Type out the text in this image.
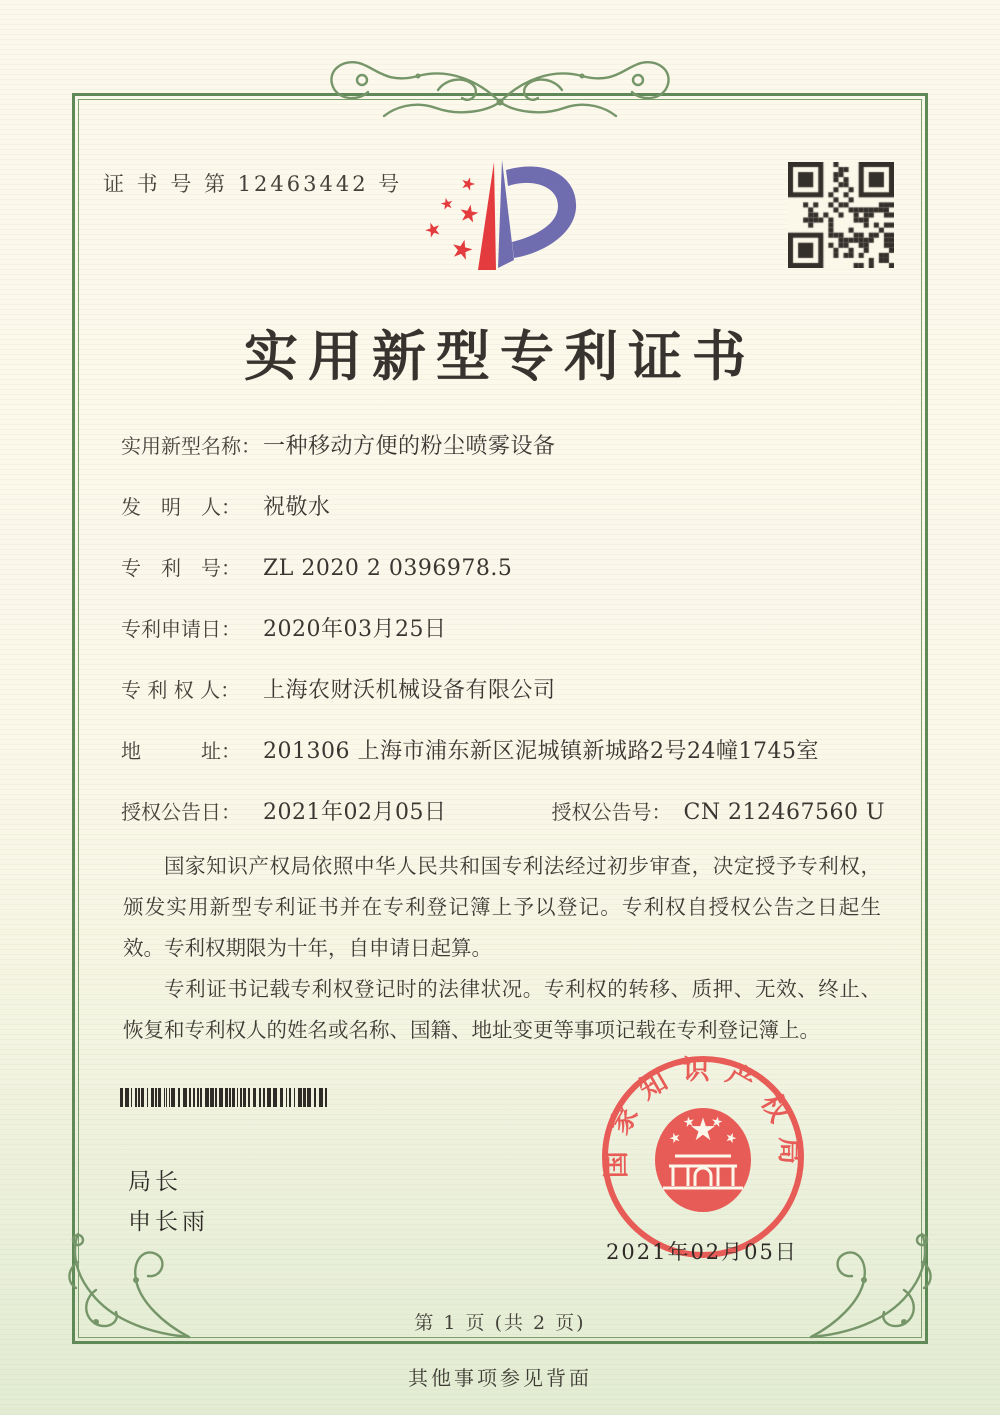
证 书 号 第 12463442 号
实用新型专利证书
实用新型名称： 一种移动方便的粉尘喷雾设备
发　明　人：	祝敬水
专　利　号：	ZL 2020 2 0396978.5
专利申请日：	2020年03月25日
专 利 权 人：	上海农财沃机械设备有限公司
地　　　址：	201306 上海市浦东新区泥城镇新城路2号24幢1745室
授权公告日：	2021年02月05日	授权公告号： CN 212467560 U

国家知识产权局依照中华人民共和国专利法经过初步审查，决定授予专利权，颁发实用新型专利证书并在专利登记簿上予以登记。专利权自授权公告之日起生效。专利权期限为十年，自申请日起算。

专利证书记载专利权登记时的法律状况。专利权的转移、质押、无效、终止、恢复和专利权人的姓名或名称、国籍、地址变更等事项记载在专利登记簿上。

局长
申长雨
国家知识产权局
2021年02月05日
第 1 页 (共 2 页)
其他事项参见背面
